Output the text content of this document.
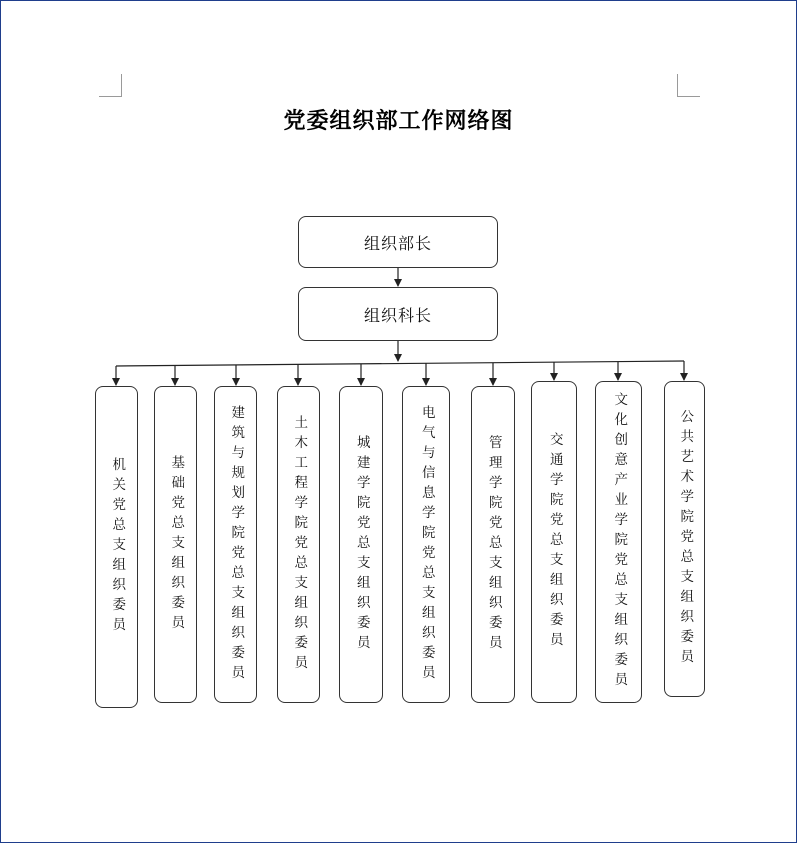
党委组织部工作网络图
组织部长
组织科长
机关党总支组织委员	基础党总支组织委员	建筑与规划学院党总支组织委员	土木工程学院党总支组织委员	城建学院党总支组织委员	电气与信息学院党总支组织委员	管理学院党总支组织委员	交通学院党总支组织委员	文化创意产业学院党总支组织委员	公共艺术学院党总支组织委员
